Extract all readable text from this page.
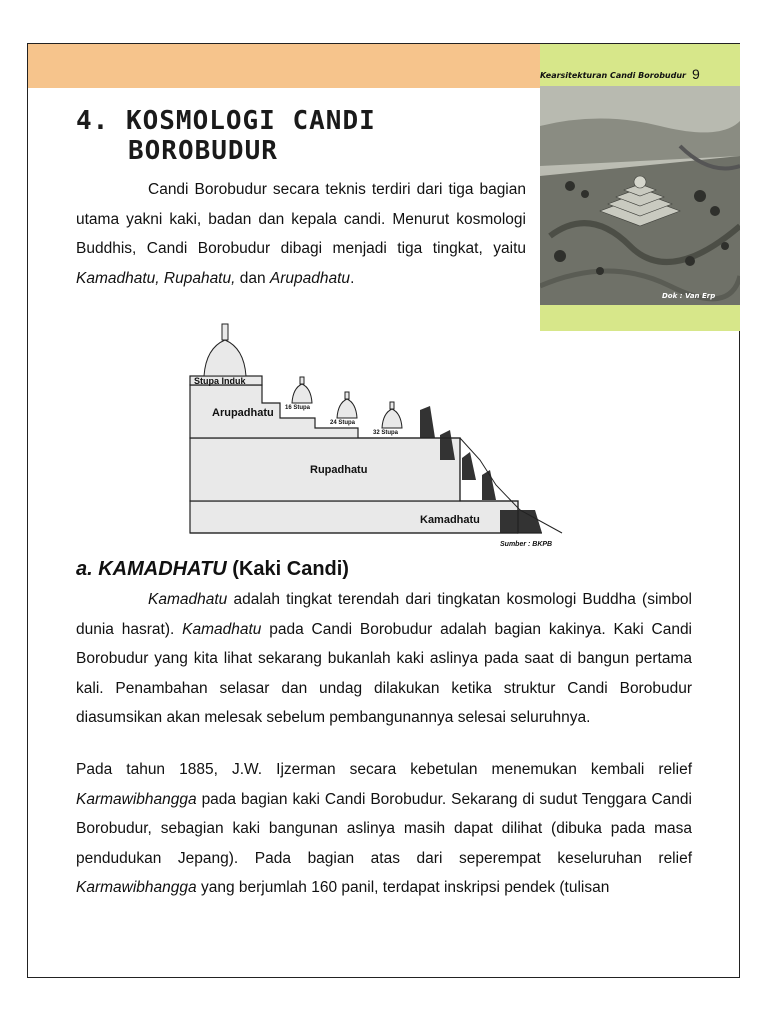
Kearsitekturan Candi Borobudur 9
Dok : Van Erp
4. KOSMOLOGI CANDI
BOROBUDUR

Candi Borobudur secara teknis terdiri dari tiga bagian utama yakni kaki, badan dan kepala candi. Menurut kosmologi Buddhis, Candi Borobudur dibagi menjadi tiga tingkat, yaitu Kamadhatu, Rupahatu, dan Arupadhatu.

Stupa Induk
Arupadhatu 16 Stupa
24 Stupa
32 Stupa
Rupadhatu
Kamadhatu
Sumber : BKPB
a. KAMADHATU (Kaki Candi)

Kamadhatu adalah tingkat terendah dari tingkatan kosmologi Buddha (simbol dunia hasrat). Kamadhatu pada Candi Borobudur adalah bagian kakinya. Kaki Candi Borobudur yang kita lihat sekarang bukanlah kaki aslinya pada saat di bangun pertama kali. Penambahan selasar dan undag dilakukan ketika struktur Candi Borobudur diasumsikan akan melesak sebelum pembangunannya selesai seluruhnya.

Pada tahun 1885, J.W. Ijzerman secara kebetulan menemukan kembali relief Karmawibhangga pada bagian kaki Candi Borobudur. Sekarang di sudut Tenggara Candi Borobudur, sebagian kaki bangunan aslinya masih dapat dilihat (dibuka pada masa pendudukan Jepang). Pada bagian atas dari seperempat keseluruhan relief Karmawibhangga yang berjumlah 160 panil, terdapat inskripsi pendek (tulisan
